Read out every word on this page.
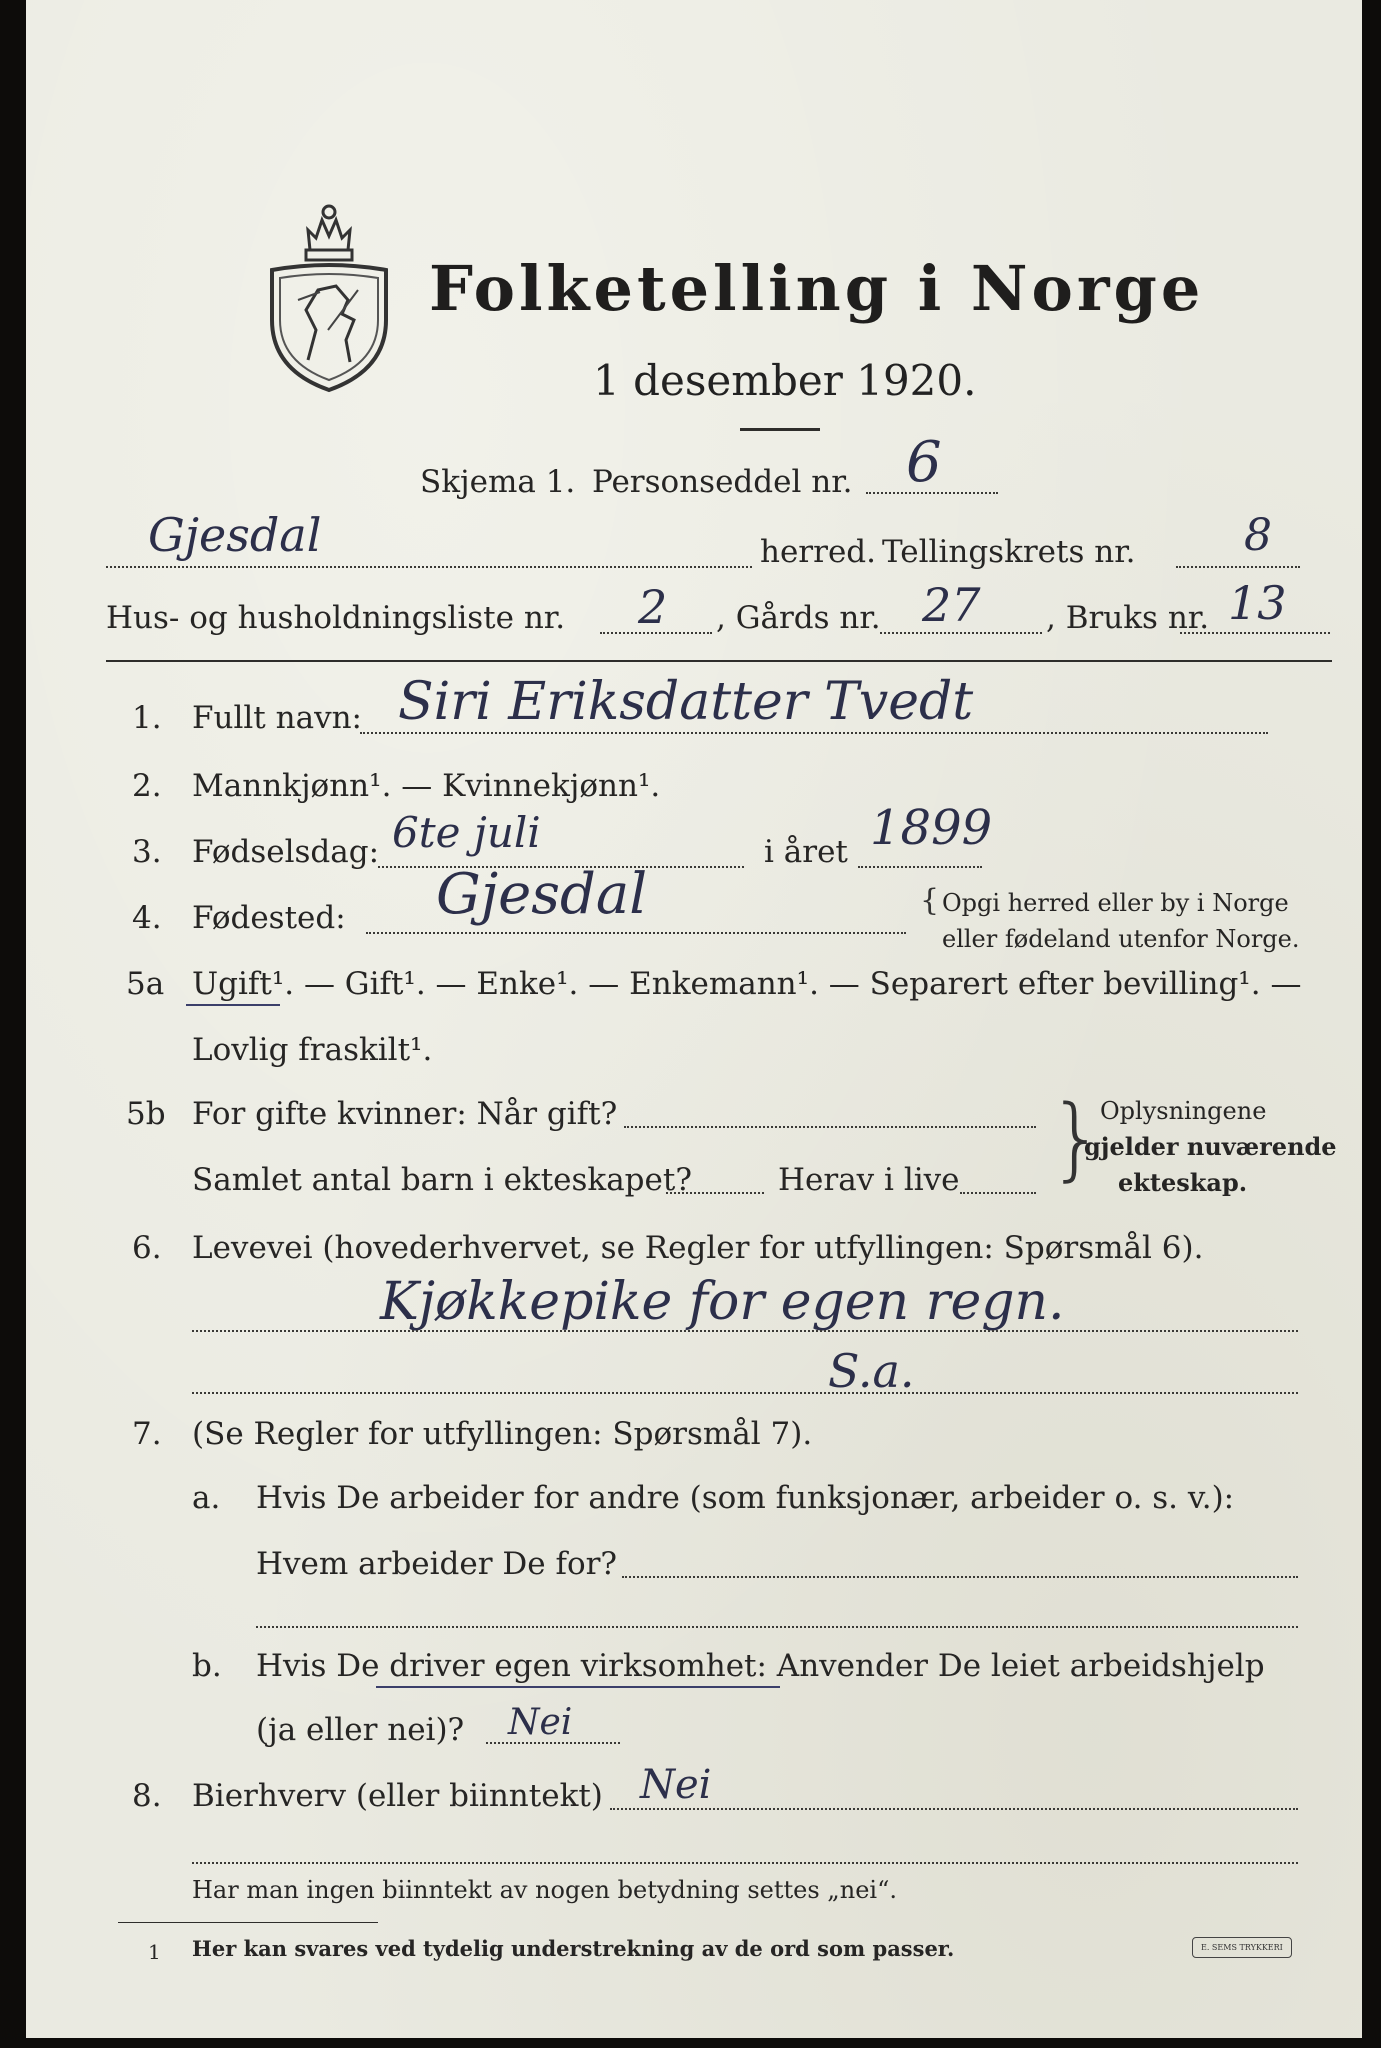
Folketelling i Norge
1 desember 1920.
Skjema 1. Personseddel nr. 6
Gjesdal	herred. Tellingskrets nr. 8
Hus- og husholdningsliste nr. 2 , Gårds nr. 27 , Bruks nr. 13
1. Fullt navn: Siri Eriksdatter Tvedt
2. Mannkjønn¹. — Kvinnekjønn¹.
3. Fødselsdag: 6te juli	i året 1899
4. Fødested: Gjesdal	{ Opgi herred eller by i Norge
eller fødeland utenfor Norge.
5a Ugift¹. — Gift¹. — Enke¹. — Enkemann¹. — Separert efter bevilling¹. —
Lovlig fraskilt¹.
5b For gifte kvinner: Når gift?
Samlet antal barn i ekteskapet?	Herav i live }
Oplysningene
gjelder nuværende
ekteskap.
6. Levevei (hovederhvervet, se Regler for utfyllingen: Spørsmål 6).
Kjøkkepike for egen regn.
S.a.
7. (Se Regler for utfyllingen: Spørsmål 7).
a. Hvis De arbeider for andre (som funksjonær, arbeider o. s. v.):
Hvem arbeider De for?
b. Hvis De driver egen virksomhet: Anvender De leiet arbeidshjelp
(ja eller nei)? Nei
8. Bierhverv (eller biinntekt) Nei
Har man ingen biinntekt av nogen betydning settes „nei“.
1 Her kan svares ved tydelig understrekning av de ord som passer.	E. SEMS TRYKKERI
